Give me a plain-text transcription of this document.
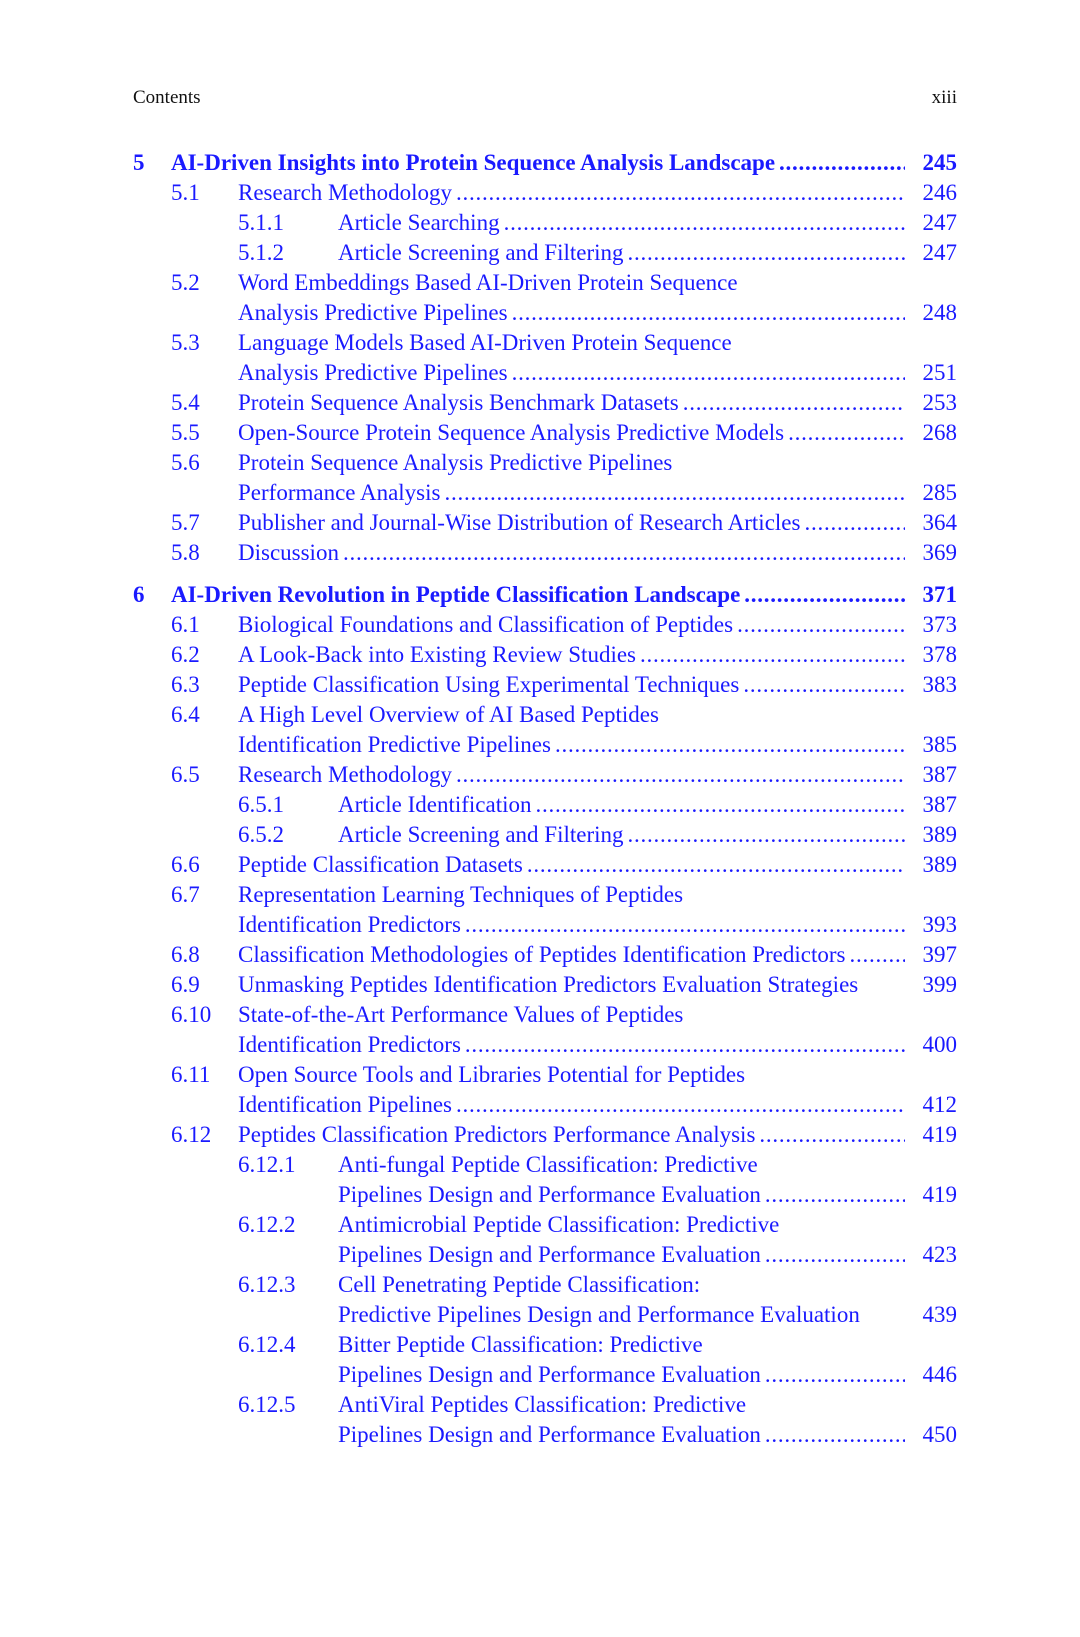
Contents	xiii
5 AI-Driven Insights into Protein Sequence Analysis Landscape . . .	245
5.1 Research Methodology . . .	246
5.1.1 Article Searching . . .	247
5.1.2 Article Screening and Filtering . . .	247
5.2 Word Embeddings Based AI-Driven Protein Sequence
Analysis Predictive Pipelines . . .	248
5.3 Language Models Based AI-Driven Protein Sequence
Analysis Predictive Pipelines . . .	251
5.4 Protein Sequence Analysis Benchmark Datasets . . .	253
5.5 Open-Source Protein Sequence Analysis Predictive Models . . .	268
5.6 Protein Sequence Analysis Predictive Pipelines
Performance Analysis . . .	285
5.7 Publisher and Journal-Wise Distribution of Research Articles . . .	364
5.8 Discussion . . .	369
6 AI-Driven Revolution in Peptide Classification Landscape . . .	371
6.1 Biological Foundations and Classification of Peptides . . .	373
6.2 A Look-Back into Existing Review Studies . . .	378
6.3 Peptide Classification Using Experimental Techniques . . .	383
6.4 A High Level Overview of AI Based Peptides
Identification Predictive Pipelines . . .	385
6.5 Research Methodology . . .	387
6.5.1 Article Identification . . .	387
6.5.2 Article Screening and Filtering . . .	389
6.6 Peptide Classification Datasets . . .	389
6.7 Representation Learning Techniques of Peptides
Identification Predictors . . .	393
6.8 Classification Methodologies of Peptides Identification Predictors . . .	397
6.9 Unmasking Peptides Identification Predictors Evaluation Strategies	399
6.10 State-of-the-Art Performance Values of Peptides
Identification Predictors . . .	400
6.11 Open Source Tools and Libraries Potential for Peptides
Identification Pipelines . . .	412
6.12 Peptides Classification Predictors Performance Analysis . . .	419
6.12.1 Anti-fungal Peptide Classification: Predictive
Pipelines Design and Performance Evaluation . . .	419
6.12.2 Antimicrobial Peptide Classification: Predictive
Pipelines Design and Performance Evaluation . . .	423
6.12.3 Cell Penetrating Peptide Classification:
Predictive Pipelines Design and Performance Evaluation	439
6.12.4 Bitter Peptide Classification: Predictive
Pipelines Design and Performance Evaluation . . .	446
6.12.5 AntiViral Peptides Classification: Predictive
Pipelines Design and Performance Evaluation . . .	450
